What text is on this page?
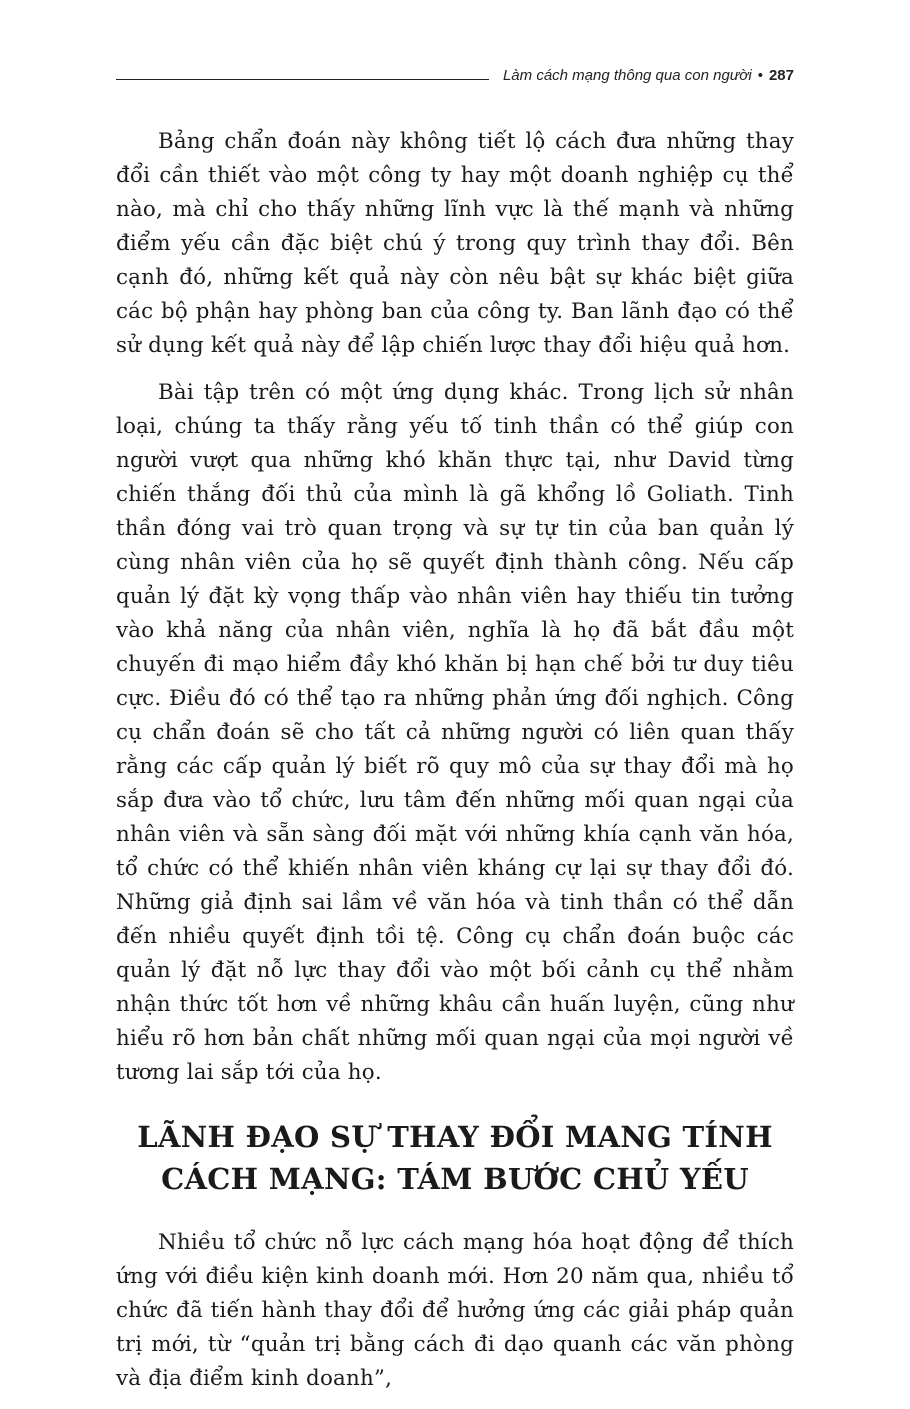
Làm cách mạng thông qua con người • 287

Bảng chẩn đoán này không tiết lộ cách đưa những thay đổi cần thiết vào một công ty hay một doanh nghiệp cụ thể nào, mà chỉ cho thấy những lĩnh vực là thế mạnh và những điểm yếu cần đặc biệt chú ý trong quy trình thay đổi. Bên cạnh đó, những kết quả này còn nêu bật sự khác biệt giữa các bộ phận hay phòng ban của công ty. Ban lãnh đạo có thể sử dụng kết quả này để lập chiến lược thay đổi hiệu quả hơn.

Bài tập trên có một ứng dụng khác. Trong lịch sử nhân loại, chúng ta thấy rằng yếu tố tinh thần có thể giúp con người vượt qua những khó khăn thực tại, như David từng chiến thắng đối thủ của mình là gã khổng lồ Goliath. Tinh thần đóng vai trò quan trọng và sự tự tin của ban quản lý cùng nhân viên của họ sẽ quyết định thành công. Nếu cấp quản lý đặt kỳ vọng thấp vào nhân viên hay thiếu tin tưởng vào khả năng của nhân viên, nghĩa là họ đã bắt đầu một chuyến đi mạo hiểm đầy khó khăn bị hạn chế bởi tư duy tiêu cực. Điều đó có thể tạo ra những phản ứng đối nghịch. Công cụ chẩn đoán sẽ cho tất cả những người có liên quan thấy rằng các cấp quản lý biết rõ quy mô của sự thay đổi mà họ sắp đưa vào tổ chức, lưu tâm đến những mối quan ngại của nhân viên và sẵn sàng đối mặt với những khía cạnh văn hóa, tổ chức có thể khiến nhân viên kháng cự lại sự thay đổi đó. Những giả định sai lầm về văn hóa và tinh thần có thể dẫn đến nhiều quyết định tồi tệ. Công cụ chẩn đoán buộc các quản lý đặt nỗ lực thay đổi vào một bối cảnh cụ thể nhằm nhận thức tốt hơn về những khâu cần huấn luyện, cũng như hiểu rõ hơn bản chất những mối quan ngại của mọi người về tương lai sắp tới của họ.

LÃNH ĐẠO SỰ THAY ĐỔI MANG TÍNH
CÁCH MẠNG: TÁM BƯỚC CHỦ YẾU

Nhiều tổ chức nỗ lực cách mạng hóa hoạt động để thích ứng với điều kiện kinh doanh mới. Hơn 20 năm qua, nhiều tổ chức đã tiến hành thay đổi để hưởng ứng các giải pháp quản trị mới, từ “quản trị bằng cách đi dạo quanh các văn phòng và địa điểm kinh doanh”,
